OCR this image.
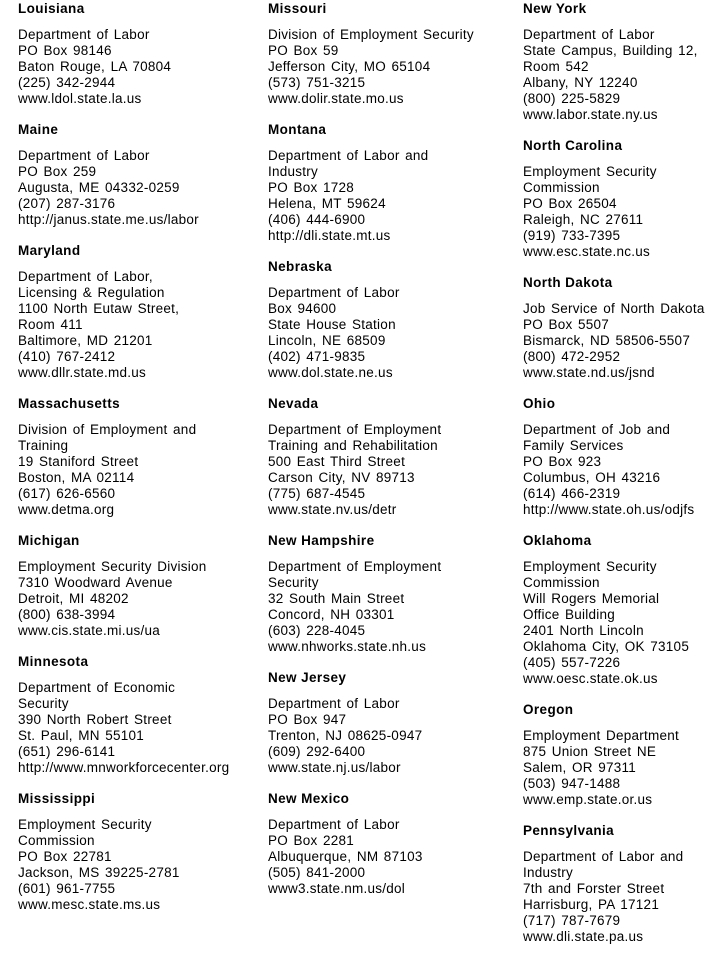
Louisiana
Department of Labor
PO Box 98146
Baton Rouge, LA 70804
(225) 342-2944
www.ldol.state.la.us
Maine
Department of Labor
PO Box 259
Augusta, ME 04332-0259
(207) 287-3176
http://janus.state.me.us/labor
Maryland
Department of Labor,
Licensing & Regulation
1100 North Eutaw Street,
Room 411
Baltimore, MD 21201
(410) 767-2412
www.dllr.state.md.us
Massachusetts
Division of Employment and
Training
19 Staniford Street
Boston, MA 02114
(617) 626-6560
www.detma.org
Michigan
Employment Security Division
7310 Woodward Avenue
Detroit, MI 48202
(800) 638-3994
www.cis.state.mi.us/ua
Minnesota
Department of Economic
Security
390 North Robert Street
St. Paul, MN 55101
(651) 296-6141
http://www.mnworkforcecenter.org
Mississippi
Employment Security
Commission
PO Box 22781
Jackson, MS 39225-2781
(601) 961-7755
www.mesc.state.ms.us
Missouri
Division of Employment Security
PO Box 59
Jefferson City, MO 65104
(573) 751-3215
www.dolir.state.mo.us
Montana
Department of Labor and
Industry
PO Box 1728
Helena, MT 59624
(406) 444-6900
http://dli.state.mt.us
Nebraska
Department of Labor
Box 94600
State House Station
Lincoln, NE 68509
(402) 471-9835
www.dol.state.ne.us
Nevada
Department of Employment
Training and Rehabilitation
500 East Third Street
Carson City, NV 89713
(775) 687-4545
www.state.nv.us/detr
New Hampshire
Department of Employment
Security
32 South Main Street
Concord, NH 03301
(603) 228-4045
www.nhworks.state.nh.us
New Jersey
Department of Labor
PO Box 947
Trenton, NJ 08625-0947
(609) 292-6400
www.state.nj.us/labor
New Mexico
Department of Labor
PO Box 2281
Albuquerque, NM 87103
(505) 841-2000
www3.state.nm.us/dol
New York
Department of Labor
State Campus, Building 12,
Room 542
Albany, NY 12240
(800) 225-5829
www.labor.state.ny.us
North Carolina
Employment Security
Commission
PO Box 26504
Raleigh, NC 27611
(919) 733-7395
www.esc.state.nc.us
North Dakota
Job Service of North Dakota
PO Box 5507
Bismarck, ND 58506-5507
(800) 472-2952
www.state.nd.us/jsnd
Ohio
Department of Job and
Family Services
PO Box 923
Columbus, OH 43216
(614) 466-2319
http://www.state.oh.us/odjfs
Oklahoma
Employment Security
Commission
Will Rogers Memorial
Office Building
2401 North Lincoln
Oklahoma City, OK 73105
(405) 557-7226
www.oesc.state.ok.us
Oregon
Employment Department
875 Union Street NE
Salem, OR 97311
(503) 947-1488
www.emp.state.or.us
Pennsylvania
Department of Labor and
Industry
7th and Forster Street
Harrisburg, PA 17121
(717) 787-7679
www.dli.state.pa.us
